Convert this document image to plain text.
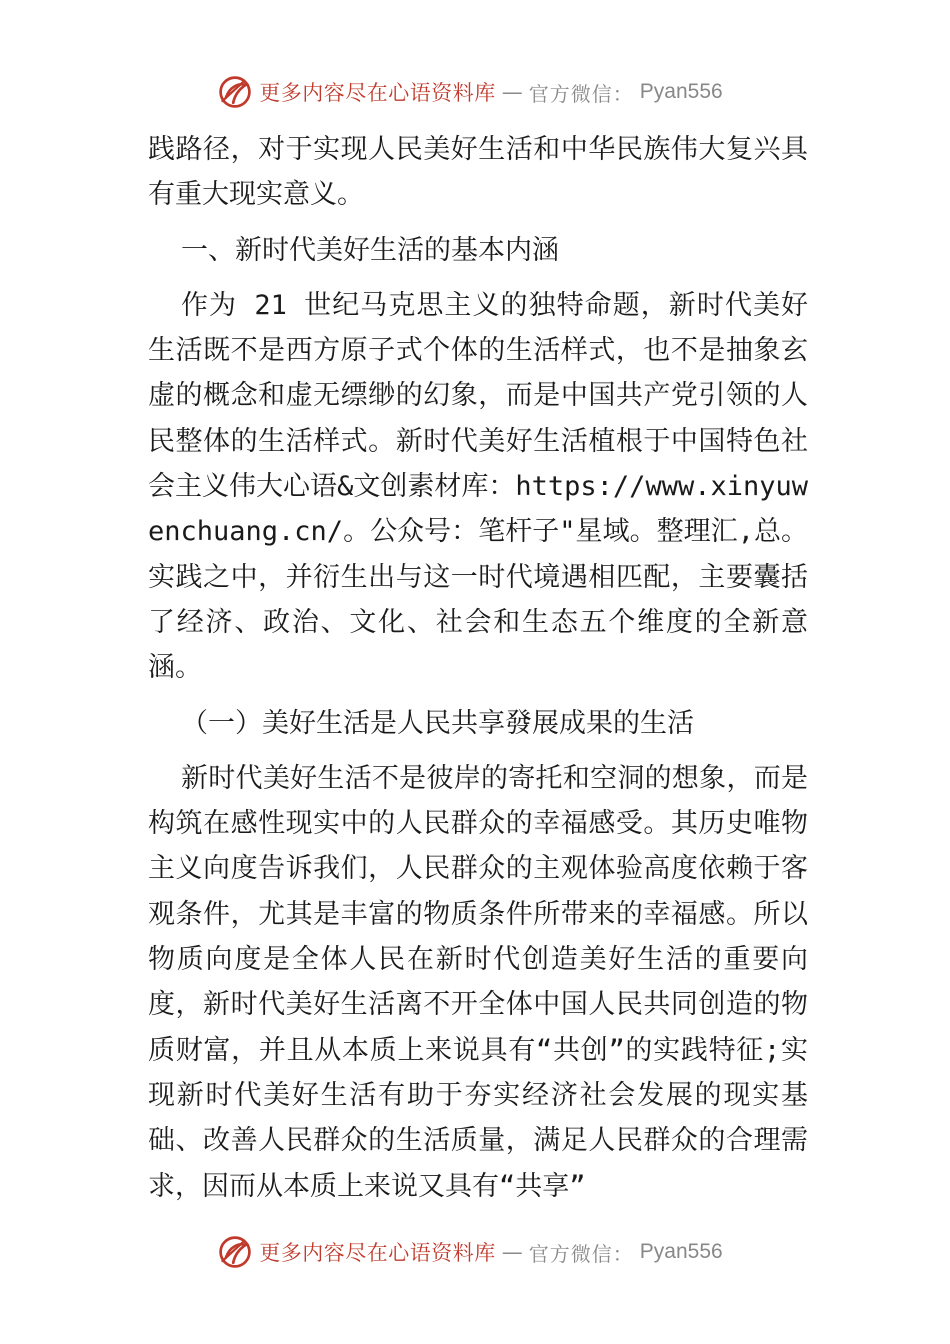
更多内容尽在心语资料库 — 官方微信： Pyan556

践路径，对于实现人民美好生活和中华民族伟大复兴具有重大现实意义。

一、新时代美好生活的基本内涵

作为 21 世纪马克思主义的独特命题，新时代美好生活既不是西方原子式个体的生活样式，也不是抽象玄虚的概念和虚无缥缈的幻象，而是中国共产党引领的人民整体的生活样式。新时代美好生活植根于中国特色社会主义伟大心语&文创素材库：https://www.xinyuwenchuang.cn/。公众号：笔杆子"星域。整理汇,总。实践之中，并衍生出与这一时代境遇相匹配，主要囊括了经济、政治、文化、社会和生态五个维度的全新意涵。

（一）美好生活是人民共享發展成果的生活

新时代美好生活不是彼岸的寄托和空洞的想象，而是构筑在感性现实中的人民群众的幸福感受。其历史唯物主义向度告诉我们，人民群众的主观体验高度依赖于客观条件，尤其是丰富的物质条件所带来的幸福感。所以物质向度是全体人民在新时代创造美好生活的重要向度，新时代美好生活离不开全体中国人民共同创造的物质财富，并且从本质上来说具有“共创”的实践特征;实现新时代美好生活有助于夯实经济社会发展的现实基础、改善人民群众的生活质量，满足人民群众的合理需求，因而从本质上来说又具有“共享”

更多内容尽在心语资料库 — 官方微信： Pyan556
